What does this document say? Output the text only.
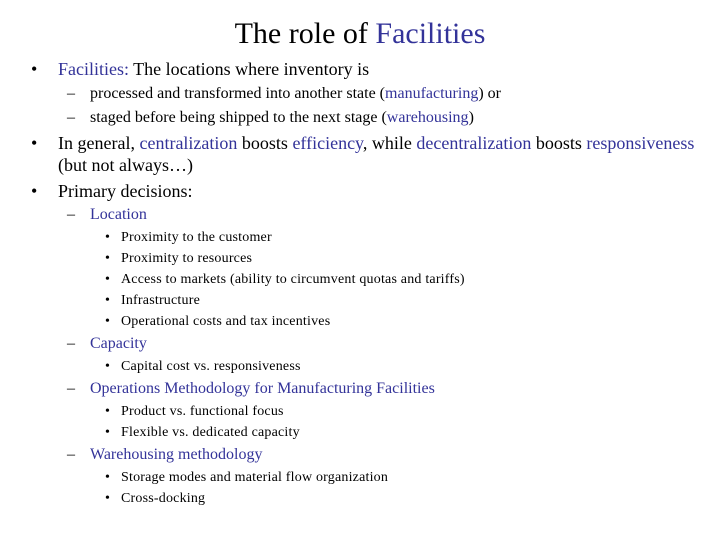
The role of Facilities
• Facilities: The locations where inventory is
– processed and transformed into another state (manufacturing) or
– staged before being shipped to the next stage (warehousing)
• In general, centralization boosts efficiency, while decentralization boosts responsiveness (but not always…)
• Primary decisions:
– Location
• Proximity to the customer
• Proximity to resources
• Access to markets (ability to circumvent quotas and tariffs)
• Infrastructure
• Operational costs and tax incentives
– Capacity
• Capital cost vs. responsiveness
– Operations Methodology for Manufacturing Facilities
• Product vs. functional focus
• Flexible vs. dedicated capacity
– Warehousing methodology
• Storage modes and material flow organization
• Cross-docking
